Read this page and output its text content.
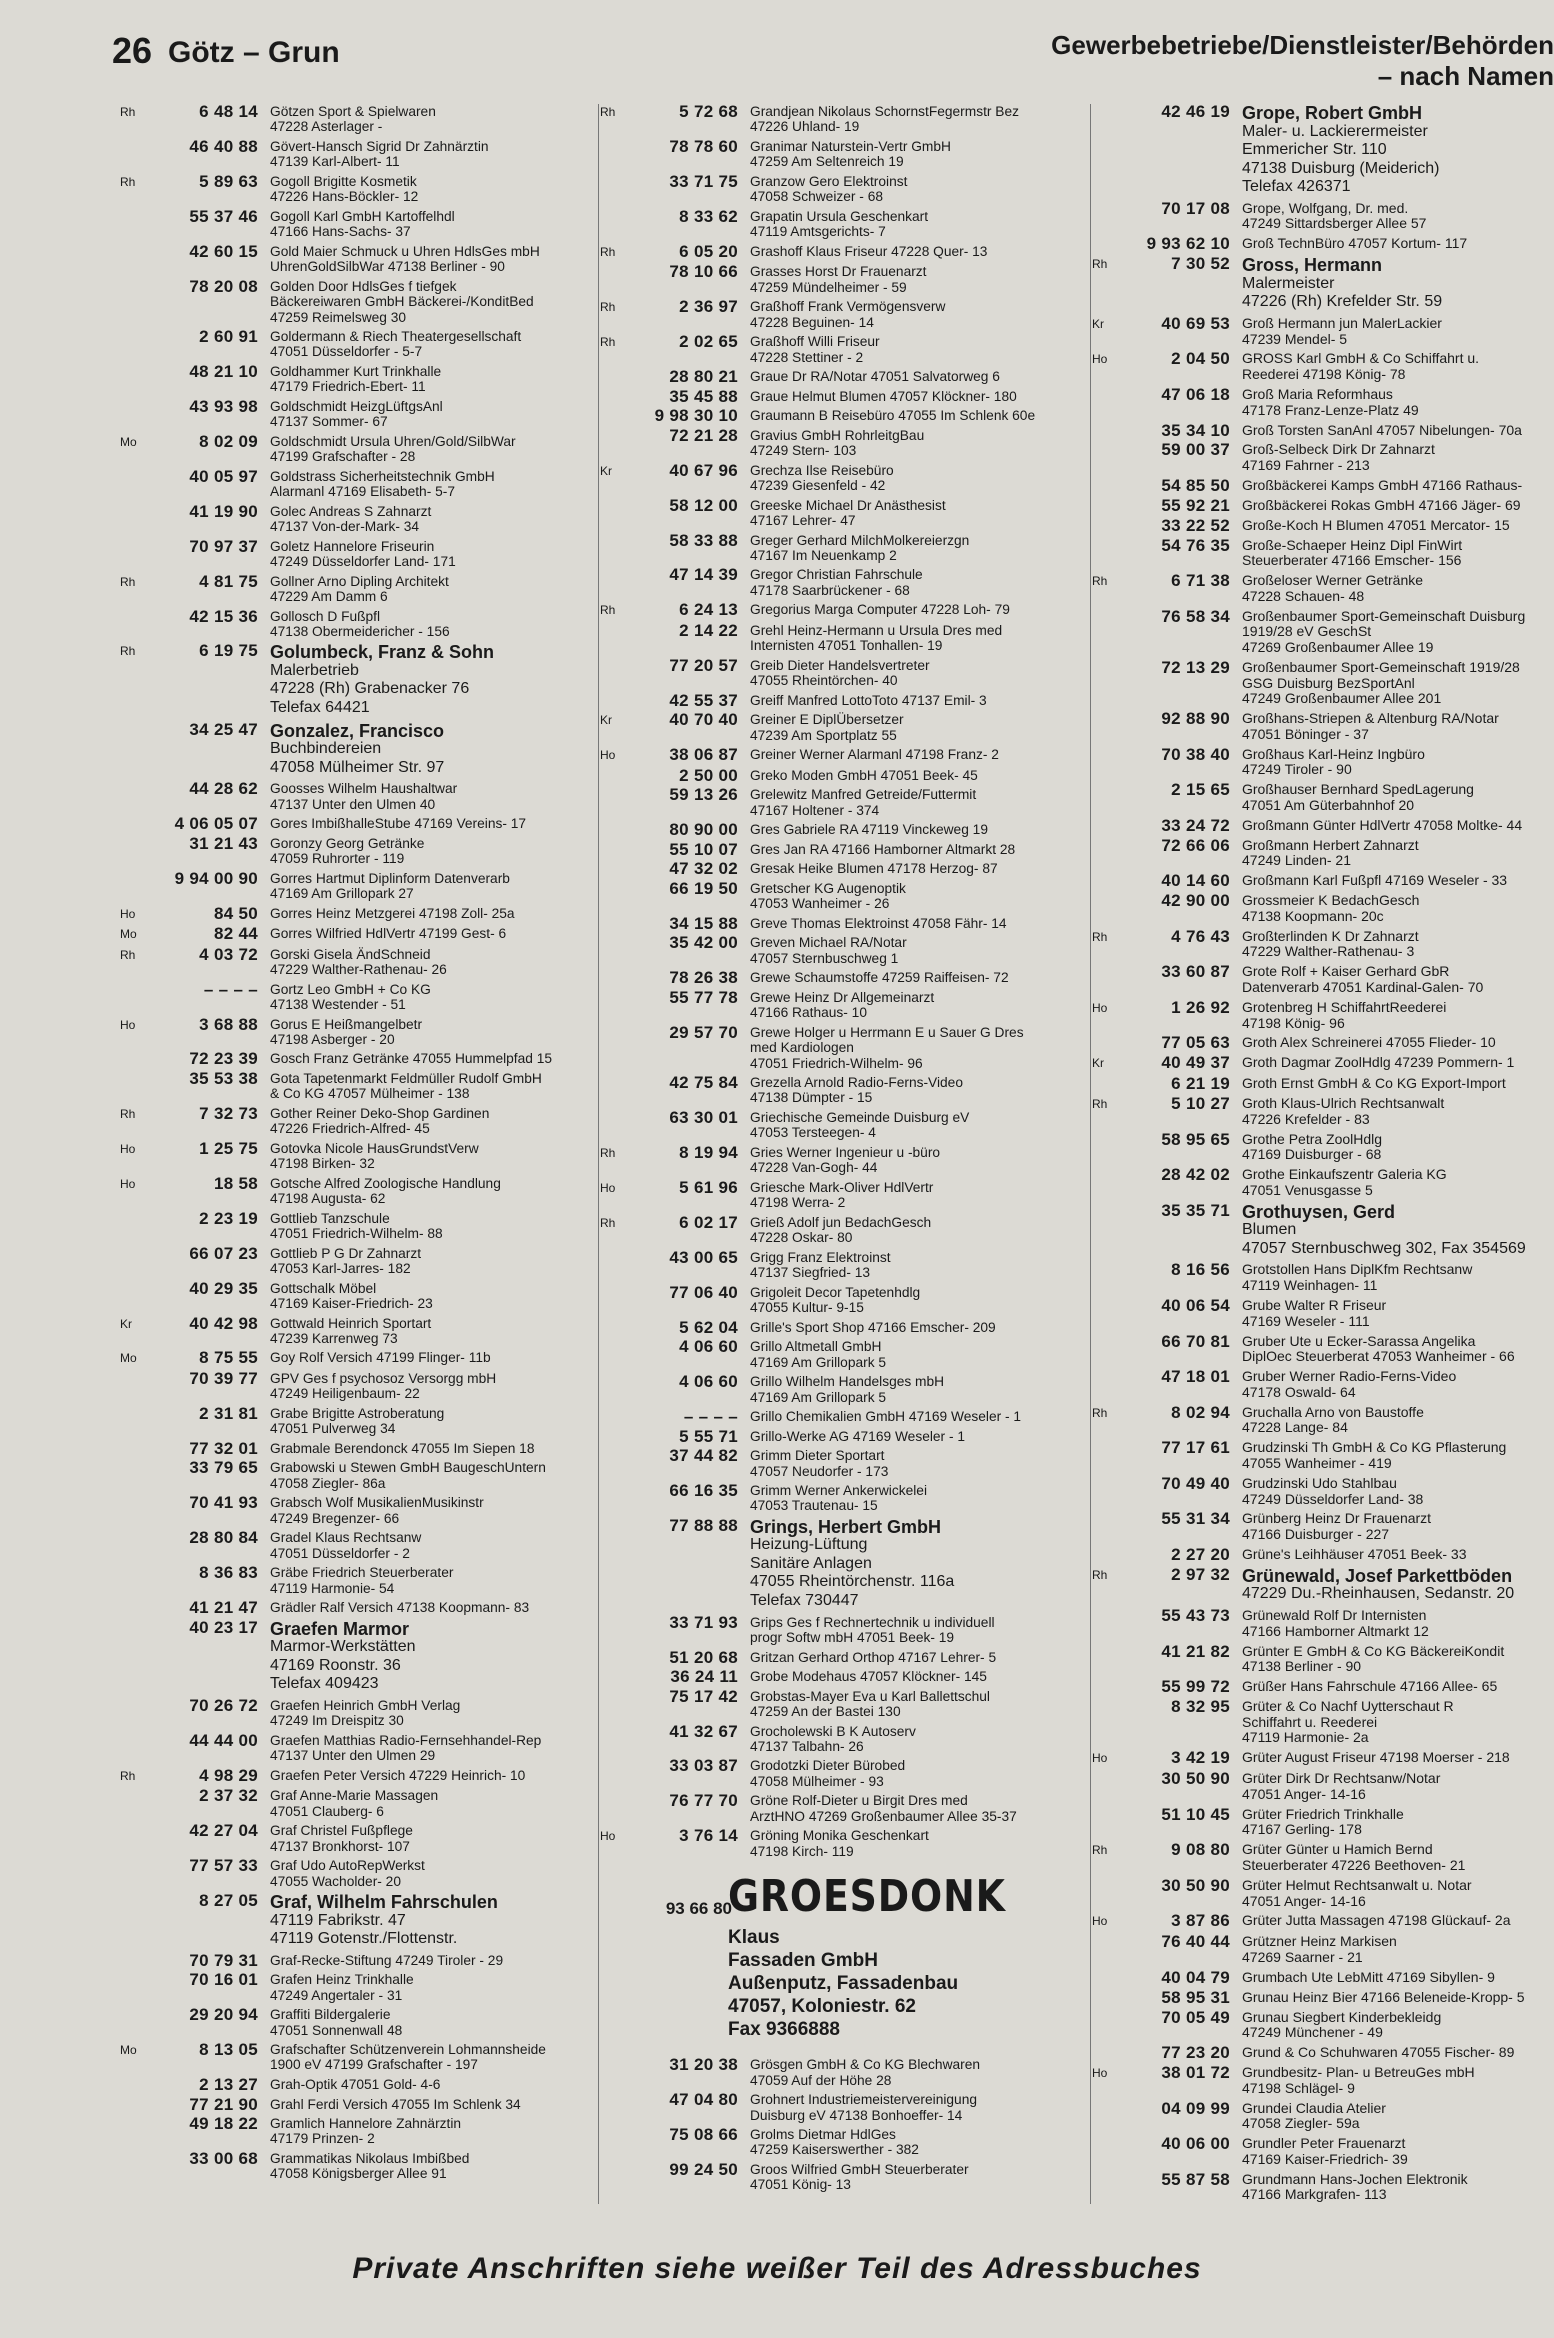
26 Götz – Grun	Gewerbebetriebe/Dienstleister/Behörden
– nach Namen
Rh	6 48 14 Götzen Sport & Spielwaren
47228 Asterlager -
46 40 88 Gövert-Hansch Sigrid Dr Zahnärztin
47139 Karl-Albert- 11
Rh	5 89 63 Gogoll Brigitte Kosmetik
47226 Hans-Böckler- 12
55 37 46 Gogoll Karl GmbH Kartoffelhdl
47166 Hans-Sachs- 37
42 60 15 Gold Maier Schmuck u Uhren HdlsGes mbH
UhrenGoldSilbWar 47138 Berliner - 90
78 20 08 Golden Door HdlsGes f tiefgek
Bäckereiwaren GmbH Bäckerei-/KonditBed
47259 Reimelsweg 30
2 60 91 Goldermann & Riech Theatergesellschaft
47051 Düsseldorfer - 5-7
48 21 10 Goldhammer Kurt Trinkhalle
47179 Friedrich-Ebert- 11
43 93 98 Goldschmidt HeizgLüftgsAnl
47137 Sommer- 67
Mo	8 02 09 Goldschmidt Ursula Uhren/Gold/SilbWar
47199 Grafschafter - 28
40 05 97 Goldstrass Sicherheitstechnik GmbH
Alarmanl 47169 Elisabeth- 5-7
41 19 90 Golec Andreas S Zahnarzt
47137 Von-der-Mark- 34
70 97 37 Goletz Hannelore Friseurin
47249 Düsseldorfer Land- 171
Rh	4 81 75 Gollner Arno Dipling Architekt
47229 Am Damm 6
42 15 36 Gollosch D Fußpfl
47138 Obermeidericher - 156
Rh	6 19 75 Golumbeck, Franz & Sohn
Malerbetrieb
47228 (Rh) Grabenacker 76
Telefax 64421
34 25 47 Gonzalez, Francisco
Buchbindereien
47058 Mülheimer Str. 97
44 28 62 Goosses Wilhelm Haushaltwar
47137 Unter den Ulmen 40
4 06 05 07 Gores ImbißhalleStube 47169 Vereins- 17
31 21 43 Goronzy Georg Getränke
47059 Ruhrorter - 119
9 94 00 90 Gorres Hartmut Diplinform Datenverarb
47169 Am Grillopark 27
Ho	84 50 Gorres Heinz Metzgerei 47198 Zoll- 25a
Mo	82 44 Gorres Wilfried HdlVertr 47199 Gest- 6
Rh	4 03 72 Gorski Gisela ÄndSchneid
47229 Walther-Rathenau- 26
– – – – Gortz Leo GmbH + Co KG
47138 Westender - 51
Ho	3 68 88 Gorus E Heißmangelbetr
47198 Asberger - 20
72 23 39 Gosch Franz Getränke 47055 Hummelpfad 15
35 53 38 Gota Tapetenmarkt Feldmüller Rudolf GmbH
& Co KG 47057 Mülheimer - 138
Rh	7 32 73 Gother Reiner Deko-Shop Gardinen
47226 Friedrich-Alfred- 45
Ho	1 25 75 Gotovka Nicole HausGrundstVerw
47198 Birken- 32
Ho	18 58 Gotsche Alfred Zoologische Handlung
47198 Augusta- 62
2 23 19 Gottlieb Tanzschule
47051 Friedrich-Wilhelm- 88
66 07 23 Gottlieb P G Dr Zahnarzt
47053 Karl-Jarres- 182
40 29 35 Gottschalk Möbel
47169 Kaiser-Friedrich- 23
Kr	40 42 98 Gottwald Heinrich Sportart
47239 Karrenweg 73
Mo	8 75 55 Goy Rolf Versich 47199 Flinger- 11b
70 39 77 GPV Ges f psychosoz Versorgg mbH
47249 Heiligenbaum- 22
2 31 81 Grabe Brigitte Astroberatung
47051 Pulverweg 34
77 32 01 Grabmale Berendonck 47055 Im Siepen 18
33 79 65 Grabowski u Stewen GmbH BaugeschUntern
47058 Ziegler- 86a
70 41 93 Grabsch Wolf MusikalienMusikinstr
47249 Bregenzer- 66
28 80 84 Gradel Klaus Rechtsanw
47051 Düsseldorfer - 2
8 36 83 Gräbe Friedrich Steuerberater
47119 Harmonie- 54
41 21 47 Grädler Ralf Versich 47138 Koopmann- 83
40 23 17 Graefen Marmor
Marmor-Werkstätten
47169 Roonstr. 36
Telefax 409423
70 26 72 Graefen Heinrich GmbH Verlag
47249 Im Dreispitz 30
44 44 00 Graefen Matthias Radio-Fernsehhandel-Rep
47137 Unter den Ulmen 29
Rh	4 98 29 Graefen Peter Versich 47229 Heinrich- 10
2 37 32 Graf Anne-Marie Massagen
47051 Clauberg- 6
42 27 04 Graf Christel Fußpflege
47137 Bronkhorst- 107
77 57 33 Graf Udo AutoRepWerkst
47055 Wacholder- 20
8 27 05 Graf, Wilhelm Fahrschulen
47119 Fabrikstr. 47
47119 Gotenstr./Flottenstr.
70 79 31 Graf-Recke-Stiftung 47249 Tiroler - 29
70 16 01 Grafen Heinz Trinkhalle
47249 Angertaler - 31
29 20 94 Graffiti Bildergalerie
47051 Sonnenwall 48
Mo	8 13 05 Grafschafter Schützenverein Lohmannsheide
1900 eV 47199 Grafschafter - 197
2 13 27 Grah-Optik 47051 Gold- 4-6
77 21 90 Grahl Ferdi Versich 47055 Im Schlenk 34
49 18 22 Gramlich Hannelore Zahnärztin
47179 Prinzen- 2
33 00 68 Grammatikas Nikolaus Imbißbed
47058 Königsberger Allee 91
Rh	5 72 68 Grandjean Nikolaus SchornstFegermstr Bez
47226 Uhland- 19
78 78 60 Granimar Naturstein-Vertr GmbH
47259 Am Seltenreich 19
33 71 75 Granzow Gero Elektroinst
47058 Schweizer - 68
8 33 62 Grapatin Ursula Geschenkart
47119 Amtsgerichts- 7
Rh	6 05 20 Grashoff Klaus Friseur 47228 Quer- 13
78 10 66 Grasses Horst Dr Frauenarzt
47259 Mündelheimer - 59
Rh	2 36 97 Graßhoff Frank Vermögensverw
47228 Beguinen- 14
Rh	2 02 65 Graßhoff Willi Friseur
47228 Stettiner - 2
28 80 21 Graue Dr RA/Notar 47051 Salvatorweg 6
35 45 88 Graue Helmut Blumen 47057 Klöckner- 180
9 98 30 10 Graumann B Reisebüro 47055 Im Schlenk 60e
72 21 28 Gravius GmbH RohrleitgBau
47249 Stern- 103
Kr	40 67 96 Grechza Ilse Reisebüro
47239 Giesenfeld - 42
58 12 00 Greeske Michael Dr Anästhesist
47167 Lehrer- 47
58 33 88 Greger Gerhard MilchMolkereierzgn
47167 Im Neuenkamp 2
47 14 39 Gregor Christian Fahrschule
47178 Saarbrückener - 68
Rh	6 24 13 Gregorius Marga Computer 47228 Loh- 79
2 14 22 Grehl Heinz-Hermann u Ursula Dres med
Internisten 47051 Tonhallen- 19
77 20 57 Greib Dieter Handelsvertreter
47055 Rheintörchen- 40
42 55 37 Greiff Manfred LottoToto 47137 Emil- 3
Kr	40 70 40 Greiner E DiplÜbersetzer
47239 Am Sportplatz 55
Ho	38 06 87 Greiner Werner Alarmanl 47198 Franz- 2
2 50 00 Greko Moden GmbH 47051 Beek- 45
59 13 26 Grelewitz Manfred Getreide/Futtermit
47167 Holtener - 374
80 90 00 Gres Gabriele RA 47119 Vinckeweg 19
55 10 07 Gres Jan RA 47166 Hamborner Altmarkt 28
47 32 02 Gresak Heike Blumen 47178 Herzog- 87
66 19 50 Gretscher KG Augenoptik
47053 Wanheimer - 26
34 15 88 Greve Thomas Elektroinst 47058 Fähr- 14
35 42 00 Greven Michael RA/Notar
47057 Sternbuschweg 1
78 26 38 Grewe Schaumstoffe 47259 Raiffeisen- 72
55 77 78 Grewe Heinz Dr Allgemeinarzt
47166 Rathaus- 10
29 57 70 Grewe Holger u Herrmann E u Sauer G Dres
med Kardiologen
47051 Friedrich-Wilhelm- 96
42 75 84 Grezella Arnold Radio-Ferns-Video
47138 Dümpter - 15
63 30 01 Griechische Gemeinde Duisburg eV
47053 Tersteegen- 4
Rh	8 19 94 Gries Werner Ingenieur u -büro
47228 Van-Gogh- 44
Ho	5 61 96 Griesche Mark-Oliver HdlVertr
47198 Werra- 2
Rh	6 02 17 Grieß Adolf jun BedachGesch
47228 Oskar- 80
43 00 65 Grigg Franz Elektroinst
47137 Siegfried- 13
77 06 40 Grigoleit Decor Tapetenhdlg
47055 Kultur- 9-15
5 62 04 Grille's Sport Shop 47166 Emscher- 209
4 06 60 Grillo Altmetall GmbH
47169 Am Grillopark 5
4 06 60 Grillo Wilhelm Handelsges mbH
47169 Am Grillopark 5
– – – – Grillo Chemikalien GmbH 47169 Weseler - 1
5 55 71 Grillo-Werke AG 47169 Weseler - 1
37 44 82 Grimm Dieter Sportart
47057 Neudorfer - 173
66 16 35 Grimm Werner Ankerwickelei
47053 Trautenau- 15
77 88 88 Grings, Herbert GmbH
Heizung-Lüftung
Sanitäre Anlagen
47055 Rheintörchenstr. 116a
Telefax 730447
33 71 93 Grips Ges f Rechnertechnik u individuell
progr Softw mbH 47051 Beek- 19
51 20 68 Gritzan Gerhard Orthop 47167 Lehrer- 5
36 24 11 Grobe Modehaus 47057 Klöckner- 145
75 17 42 Grobstas-Mayer Eva u Karl Ballettschul
47259 An der Bastei 130
41 32 67 Grocholewski B K Autoserv
47137 Talbahn- 26
33 03 87 Grodotzki Dieter Bürobed
47058 Mülheimer - 93
76 77 70 Gröne Rolf-Dieter u Birgit Dres med
ArztHNO 47269 Großenbaumer Allee 35-37
Ho	3 76 14 Gröning Monika Geschenkart
47198 Kirch- 119
93 66 80
GROESDONK
Klaus
Fassaden GmbH
Außenputz, Fassadenbau
47057, Koloniestr. 62
Fax 9366888
31 20 38 Grösgen GmbH & Co KG Blechwaren
47059 Auf der Höhe 28
47 04 80 Grohnert Industriemeistervereinigung
Duisburg eV 47138 Bonhoeffer- 14
75 08 66 Grolms Dietmar HdlGes
47259 Kaiserswerther - 382
99 24 50 Groos Wilfried GmbH Steuerberater
47051 König- 13
42 46 19 Grope, Robert GmbH
Maler- u. Lackierermeister
Emmericher Str. 110
47138 Duisburg (Meiderich)
Telefax 426371
70 17 08 Grope, Wolfgang, Dr. med.
47249 Sittardsberger Allee 57
9 93 62 10 Groß TechnBüro 47057 Kortum- 117
Rh	7 30 52 Gross, Hermann
Malermeister
47226 (Rh) Krefelder Str. 59
Kr	40 69 53 Groß Hermann jun MalerLackier
47239 Mendel- 5
Ho	2 04 50 GROSS Karl GmbH & Co Schiffahrt u.
Reederei 47198 König- 78
47 06 18 Groß Maria Reformhaus
47178 Franz-Lenze-Platz 49
35 34 10 Groß Torsten SanAnl 47057 Nibelungen- 70a
59 00 37 Groß-Selbeck Dirk Dr Zahnarzt
47169 Fahrner - 213
54 85 50 Großbäckerei Kamps GmbH 47166 Rathaus-
55 92 21 Großbäckerei Rokas GmbH 47166 Jäger- 69
33 22 52 Große-Koch H Blumen 47051 Mercator- 15
54 76 35 Große-Schaeper Heinz Dipl FinWirt
Steuerberater 47166 Emscher- 156
Rh	6 71 38 Großeloser Werner Getränke
47228 Schauen- 48
76 58 34 Großenbaumer Sport-Gemeinschaft Duisburg
1919/28 eV GeschSt
47269 Großenbaumer Allee 19
72 13 29 Großenbaumer Sport-Gemeinschaft 1919/28
GSG Duisburg BezSportAnl
47249 Großenbaumer Allee 201
92 88 90 Großhans-Striepen & Altenburg RA/Notar
47051 Böninger - 37
70 38 40 Großhaus Karl-Heinz Ingbüro
47249 Tiroler - 90
2 15 65 Großhauser Bernhard SpedLagerung
47051 Am Güterbahnhof 20
33 24 72 Großmann Günter HdlVertr 47058 Moltke- 44
72 66 06 Großmann Herbert Zahnarzt
47249 Linden- 21
40 14 60 Großmann Karl Fußpfl 47169 Weseler - 33
42 90 00 Grossmeier K BedachGesch
47138 Koopmann- 20c
Rh	4 76 43 Großterlinden K Dr Zahnarzt
47229 Walther-Rathenau- 3
33 60 87 Grote Rolf + Kaiser Gerhard GbR
Datenverarb 47051 Kardinal-Galen- 70
Ho	1 26 92 Grotenbreg H SchiffahrtReederei
47198 König- 96
77 05 63 Groth Alex Schreinerei 47055 Flieder- 10
Kr	40 49 37 Groth Dagmar ZoolHdlg 47239 Pommern- 1
6 21 19 Groth Ernst GmbH & Co KG Export-Import
Rh	5 10 27 Groth Klaus-Ulrich Rechtsanwalt
47226 Krefelder - 83
58 95 65 Grothe Petra ZoolHdlg
47169 Duisburger - 68
28 42 02 Grothe Einkaufszentr Galeria KG
47051 Venusgasse 5
35 35 71 Grothuysen, Gerd
Blumen
47057 Sternbuschweg 302, Fax 354569
8 16 56 Grotstollen Hans DiplKfm Rechtsanw
47119 Weinhagen- 11
40 06 54 Grube Walter R Friseur
47169 Weseler - 111
66 70 81 Gruber Ute u Ecker-Sarassa Angelika
DiplOec Steuerberat 47053 Wanheimer - 66
47 18 01 Gruber Werner Radio-Ferns-Video
47178 Oswald- 64
Rh	8 02 94 Gruchalla Arno von Baustoffe
47228 Lange- 84
77 17 61 Grudzinski Th GmbH & Co KG Pflasterung
47055 Wanheimer - 419
70 49 40 Grudzinski Udo Stahlbau
47249 Düsseldorfer Land- 38
55 31 34 Grünberg Heinz Dr Frauenarzt
47166 Duisburger - 227
2 27 20 Grüne's Leihhäuser 47051 Beek- 33
Rh	2 97 32 Grünewald, Josef Parkettböden
47229 Du.-Rheinhausen, Sedanstr. 20
55 43 73 Grünewald Rolf Dr Internisten
47166 Hamborner Altmarkt 12
41 21 82 Grünter E GmbH & Co KG BäckereiKondit
47138 Berliner - 90
55 99 72 Grüßer Hans Fahrschule 47166 Allee- 65
8 32 95 Grüter & Co Nachf Uytterschaut R
Schiffahrt u. Reederei
47119 Harmonie- 2a
Ho	3 42 19 Grüter August Friseur 47198 Moerser - 218
30 50 90 Grüter Dirk Dr Rechtsanw/Notar
47051 Anger- 14-16
51 10 45 Grüter Friedrich Trinkhalle
47167 Gerling- 178
Rh	9 08 80 Grüter Günter u Hamich Bernd
Steuerberater 47226 Beethoven- 21
30 50 90 Grüter Helmut Rechtsanwalt u. Notar
47051 Anger- 14-16
Ho	3 87 86 Grüter Jutta Massagen 47198 Glückauf- 2a
76 40 44 Grützner Heinz Markisen
47269 Saarner - 21
40 04 79 Grumbach Ute LebMitt 47169 Sibyllen- 9
58 95 31 Grunau Heinz Bier 47166 Beleneide-Kropp- 5
70 05 49 Grunau Siegbert Kinderbekleidg
47249 Münchener - 49
77 23 20 Grund & Co Schuhwaren 47055 Fischer- 89
Ho	38 01 72 Grundbesitz- Plan- u BetreuGes mbH
47198 Schlägel- 9
04 09 99 Grundei Claudia Atelier
47058 Ziegler- 59a
40 06 00 Grundler Peter Frauenarzt
47169 Kaiser-Friedrich- 39
55 87 58 Grundmann Hans-Jochen Elektronik
47166 Markgrafen- 113
Private Anschriften siehe weißer Teil des Adressbuches
